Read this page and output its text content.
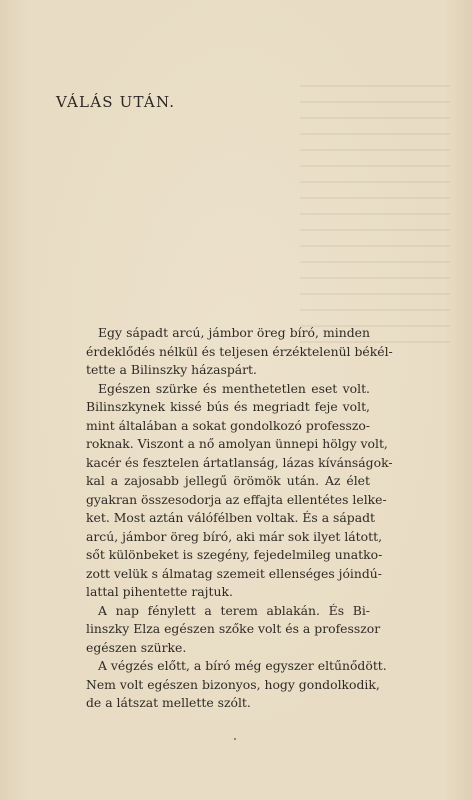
VÁLÁS UTÁN.

Egy sápadt arcú, jámbor öreg bíró, minden
érdeklődés nélkül és teljesen érzéktelenül békél-
tette a Bilinszky házaspárt.

Egészen szürke és menthetetlen eset volt.
Bilinszkynek kissé bús és megriadt feje volt,
mint általában a sokat gondolkozó professzo-
roknak. Viszont a nő amolyan ünnepi hölgy volt,
kacér és fesztelen ártatlanság, lázas kívánságok-
kal a zajosabb jellegű örömök után. Az élet
gyakran összesodorja az effajta ellentétes lelke-
ket. Most aztán válófélben voltak. És a sápadt
arcú, jámbor öreg bíró, aki már sok ilyet látott,
sőt különbeket is szegény, fejedelmileg unatko-
zott velük s álmatag szemeit ellenséges jóindú-
lattal pihentette rajtuk.

A nap fénylett a terem ablakán. És Bi-
linszky Elza egészen szőke volt és a professzor
egészen szürke.

A végzés előtt, a bíró még egyszer eltűnődött.
Nem volt egészen bizonyos, hogy gondolkodik,
de a látszat mellette szólt.
